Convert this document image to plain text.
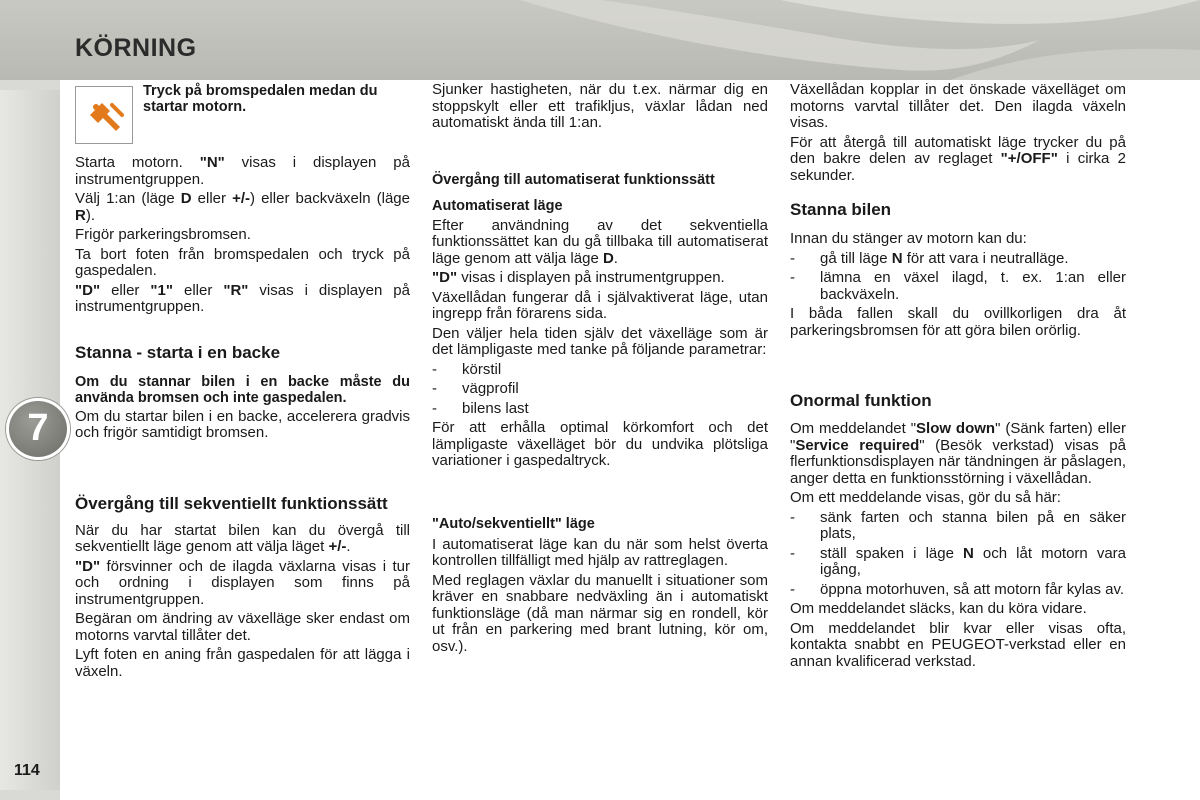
KÖRNING
7
114
Tryck på bromspedalen medan du startar motorn.

Starta motorn. "N" visas i displayen på instrumentgruppen.

Välj 1:an (läge D eller +/-) eller backväxeln (läge R).

Frigör parkeringsbromsen.

Ta bort foten från bromspedalen och tryck på gaspedalen.

"D" eller "1" eller "R" visas i displayen på instrumentgruppen.

Stanna - starta i en backe

Om du stannar bilen i en backe måste du använda bromsen och inte gaspedalen.

Om du startar bilen i en backe, accelerera gradvis och frigör samtidigt bromsen.

Övergång till sekventiellt funktionssätt

När du har startat bilen kan du övergå till sekventiellt läge genom att välja läget +/-.

"D" försvinner och de ilagda växlarna visas i tur och ordning i displayen som finns på instrumentgruppen.

Begäran om ändring av växelläge sker endast om motorns varvtal tillåter det.

Lyft foten en aning från gaspedalen för att lägga i växeln.

Sjunker hastigheten, när du t.ex. närmar dig en stoppskylt eller ett trafikljus, växlar lådan ned automatiskt ända till 1:an.

Övergång till automatiserat funktionssätt
Automatiserat läge

Efter användning av det sekventiella funktionssättet kan du gå tillbaka till automatiserat läge genom att välja läge D.

"D" visas i displayen på instrumentgruppen.

Växellådan fungerar då i självaktiverat läge, utan ingrepp från förarens sida.

Den väljer hela tiden själv det växelläge som är det lämpligaste med tanke på följande parametrar:

- körstil
- vägprofil
- bilens last

För att erhålla optimal körkomfort och det lämpligaste växelläget bör du undvika plötsliga variationer i gaspedaltryck.

"Auto/sekventiellt" läge

I automatiserat läge kan du när som helst överta kontrollen tillfälligt med hjälp av rattreglagen.

Med reglagen växlar du manuellt i situationer som kräver en snabbare nedväxling än i automatiskt funktionsläge (då man närmar sig en rondell, kör ut från en parkering med brant lutning, kör om, osv.).

Växellådan kopplar in det önskade växelläget om motorns varvtal tillåter det. Den ilagda växeln visas.

För att återgå till automatiskt läge trycker du på den bakre delen av reglaget "+/OFF" i cirka 2 sekunder.

Stanna bilen

Innan du stänger av motorn kan du:

- gå till läge N för att vara i neutralläge.
- lämna en växel ilagd, t. ex. 1:an eller backväxeln.

I båda fallen skall du ovillkorligen dra åt parkeringsbromsen för att göra bilen orörlig.

Onormal funktion

Om meddelandet "Slow down" (Sänk farten) eller "Service required" (Besök verkstad) visas på flerfunktionsdisplayen när tändningen är påslagen, anger detta en funktionsstörning i växellådan.

Om ett meddelande visas, gör du så här:

- sänk farten och stanna bilen på en säker plats,
- ställ spaken i läge N och låt motorn vara igång,
- öppna motorhuven, så att motorn får kylas av.

Om meddelandet släcks, kan du köra vidare.

Om meddelandet blir kvar eller visas ofta, kontakta snabbt en PEUGEOT-verkstad eller en annan kvalificerad verkstad.
